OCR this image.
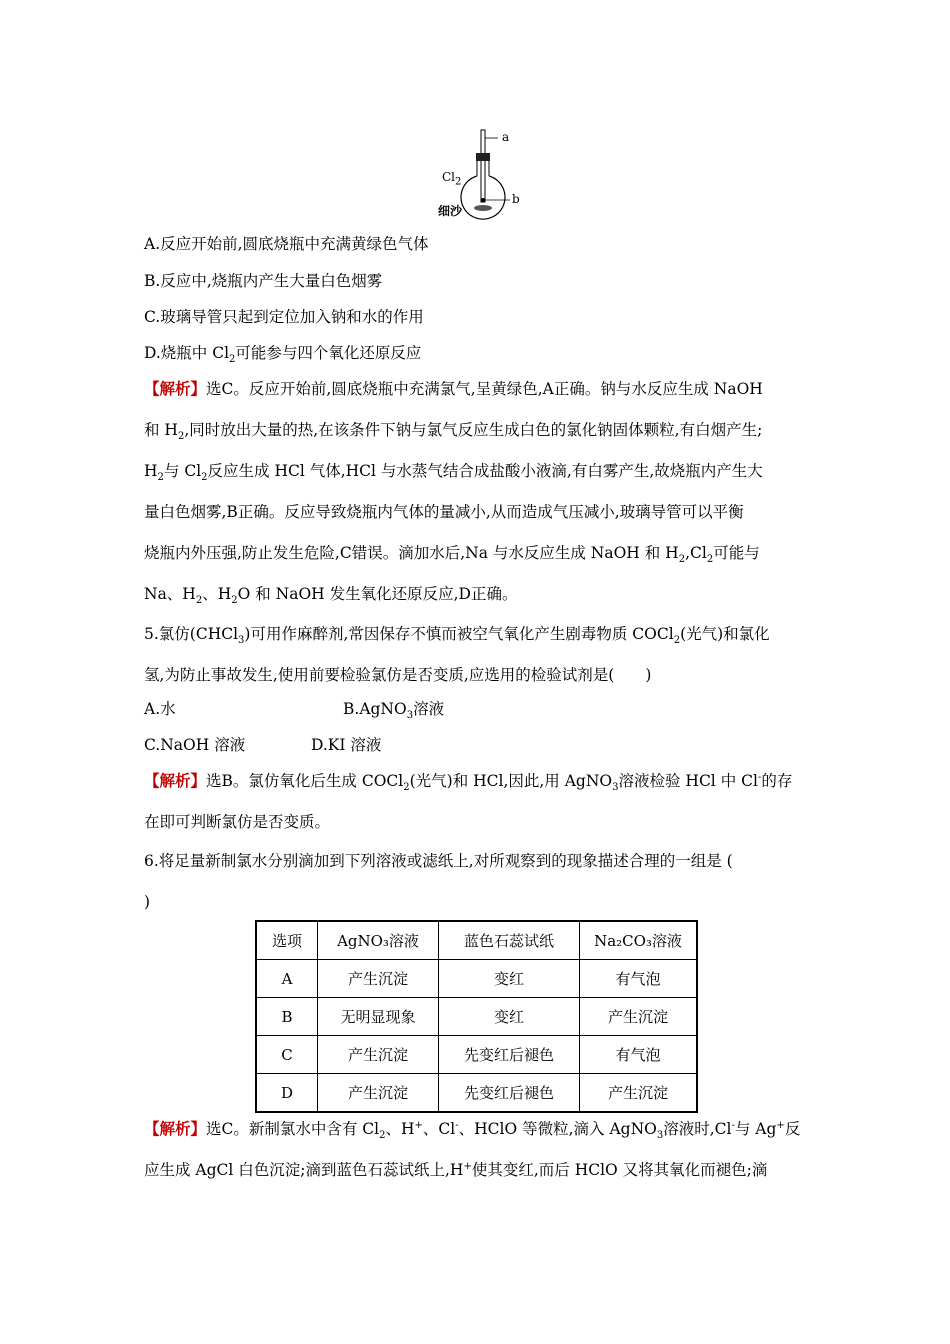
a
$Cl_2$
b
细沙
A.反应开始前,圆底烧瓶中充满黄绿色气体
B.反应中,烧瓶内产生大量白色烟雾
C.玻璃导管只起到定位加入钠和水的作用
D.烧瓶中 $Cl_2$可能参与四个氧化还原反应
【解析】选C。反应开始前,圆底烧瓶中充满氯气,呈黄绿色,A正确。钠与水反应生成 NaOH
和 $H_2$,同时放出大量的热,在该条件下钠与氯气反应生成白色的氯化钠固体颗粒,有白烟产生;
$H_2$与 $Cl_2$反应生成 HCl 气体,HCl 与水蒸气结合成盐酸小液滴,有白雾产生,故烧瓶内产生大
量白色烟雾,B正确。反应导致烧瓶内气体的量减小,从而造成气压减小,玻璃导管可以平衡
烧瓶内外压强,防止发生危险,C错误。滴加水后,Na 与水反应生成 NaOH 和 $H_2,Cl_2$可能与
Na、$H_2$、$H_2O$ 和 NaOH 发生氧化还原反应,D正确。
5.氯仿(CHCl$_3$)可用作麻醉剂,常因保存不慎而被空气氧化产生剧毒物质 COCl$_2$(光气)和氯化
氢,为防止事故发生,使用前要检验氯仿是否变质,应选用的检验试剂是(　　)
A.水	B.AgNO$_3$溶液
C.NaOH 溶液	D.KI 溶液
【解析】选B。氯仿氧化后生成 COCl$_2$(光气)和 HCl,因此,用 AgNO$_3$溶液检验 HCl 中 Cl-的存
在即可判断氯仿是否变质。
6.将足量新制氯水分别滴加到下列溶液或滤纸上,对所观察到的现象描述合理的一组是 (
)
选项	AgNO₃溶液	蓝色石蕊试纸	Na₂CO₃溶液
A	产生沉淀	变红	有气泡
B	无明显现象	变红	产生沉淀
C	产生沉淀	先变红后褪色	有气泡
D	产生沉淀	先变红后褪色	产生沉淀
【解析】选C。新制氯水中含有 $Cl_2$、H+、Cl-、HClO 等微粒,滴入 AgNO$_3$溶液时,Cl-与 Ag+反
应生成 AgCl 白色沉淀;滴到蓝色石蕊试纸上,H+使其变红,而后 HClO 又将其氧化而褪色;滴
